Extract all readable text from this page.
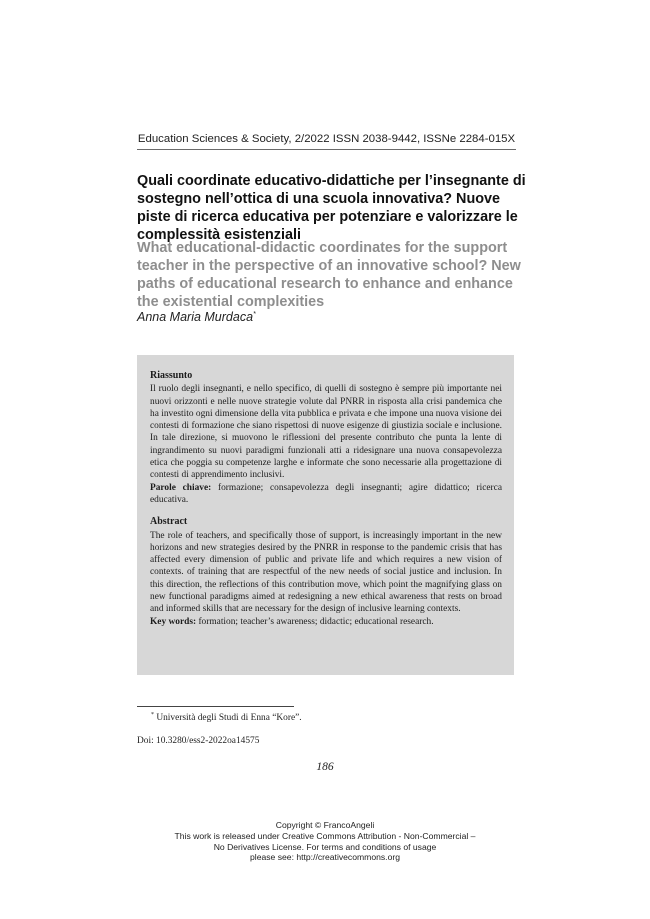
Education Sciences & Society, 2/2022 ISSN 2038-9442, ISSNe 2284-015X
Quali coordinate educativo-didattiche per l’insegnante di sostegno nell’ottica di una scuola innovativa? Nuove piste di ricerca educativa per potenziare e valorizzare le complessità esistenziali
What educational-didactic coordinates for the support teacher in the perspective of an innovative school? New paths of educational research to enhance and enhance the existential complexities
Anna Maria Murdaca*
Riassunto

Il ruolo degli insegnanti, e nello specifico, di quelli di sostegno è sempre più importante nei nuovi orizzonti e nelle nuove strategie volute dal PNRR in risposta alla crisi pandemica che ha investito ogni dimensione della vita pubblica e privata e che impone una nuova visione dei contesti di formazione che siano rispettosi di nuove esigenze di giustizia sociale e inclusione. In tale direzione, si muovono le riflessioni del presente contributo che punta la lente di ingrandimento su nuovi paradigmi funzionali atti a ridesignare una nuova consapevolezza etica che poggia su competenze larghe e informate che sono necessarie alla progettazione di contesti di apprendimento inclusivi.

Parole chiave: formazione; consapevolezza degli insegnanti; agire didattico; ricerca educativa.

Abstract

The role of teachers, and specifically those of support, is increasingly important in the new horizons and new strategies desired by the PNRR in response to the pandemic crisis that has affected every dimension of public and private life and which requires a new vision of contexts. of training that are respectful of the new needs of social justice and inclusion. In this direction, the reflections of this contribution move, which point the magnifying glass on new functional paradigms aimed at redesigning a new ethical awareness that rests on broad and informed skills that are necessary for the design of inclusive learning contexts.

Key words: formation; teacher’s awareness; didactic; educational research.

* Università degli Studi di Enna “Kore”.
Doi: 10.3280/ess2-2022oa14575
186
Copyright © FrancoAngeli
This work is released under Creative Commons Attribution - Non-Commercial –
No Derivatives License. For terms and conditions of usage
please see: http://creativecommons.org
